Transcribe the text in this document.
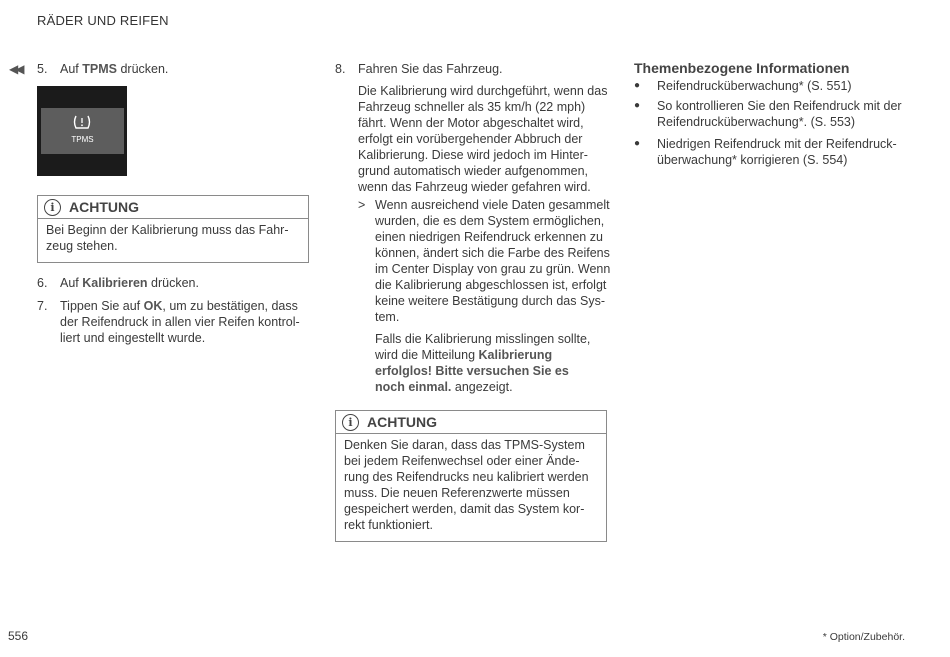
RÄDER UND REIFEN
◀◀ 5. Auf TPMS drücken.
TPMS
i	ACHTUNG
Bei Beginn der Kalibrierung muss das Fahr-
zeug stehen.
6. Auf Kalibrieren drücken.
7. Tippen Sie auf OK, um zu bestätigen, dass
der Reifendruck in allen vier Reifen kontrol-
liert und eingestellt wurde.
8. Fahren Sie das Fahrzeug.
Die Kalibrierung wird durchgeführt, wenn das
Fahrzeug schneller als 35 km/h (22 mph)
fährt. Wenn der Motor abgeschaltet wird,
erfolgt ein vorübergehender Abbruch der
Kalibrierung. Diese wird jedoch im Hinter-
grund automatisch wieder aufgenommen,
wenn das Fahrzeug wieder gefahren wird.
> Wenn ausreichend viele Daten gesammelt
wurden, die es dem System ermöglichen,
einen niedrigen Reifendruck erkennen zu
können, ändert sich die Farbe des Reifens
im Center Display von grau zu grün. Wenn
die Kalibrierung abgeschlossen ist, erfolgt
keine weitere Bestätigung durch das Sys-
tem.
Falls die Kalibrierung misslingen sollte,
wird die Mitteilung Kalibrierung
erfolglos! Bitte versuchen Sie es
noch einmal. angezeigt.
i	ACHTUNG
Denken Sie daran, dass das TPMS-System
bei jedem Reifenwechsel oder einer Ände-
rung des Reifendrucks neu kalibriert werden
muss. Die neuen Referenzwerte müssen
gespeichert werden, damit das System kor-
rekt funktioniert.
Themenbezogene Informationen
● Reifendrucküberwachung* (S. 551)
● So kontrollieren Sie den Reifendruck mit der
Reifendrucküberwachung*. (S. 553)
● Niedrigen Reifendruck mit der Reifendruck-
überwachung* korrigieren (S. 554)
556	* Option/Zubehör.
